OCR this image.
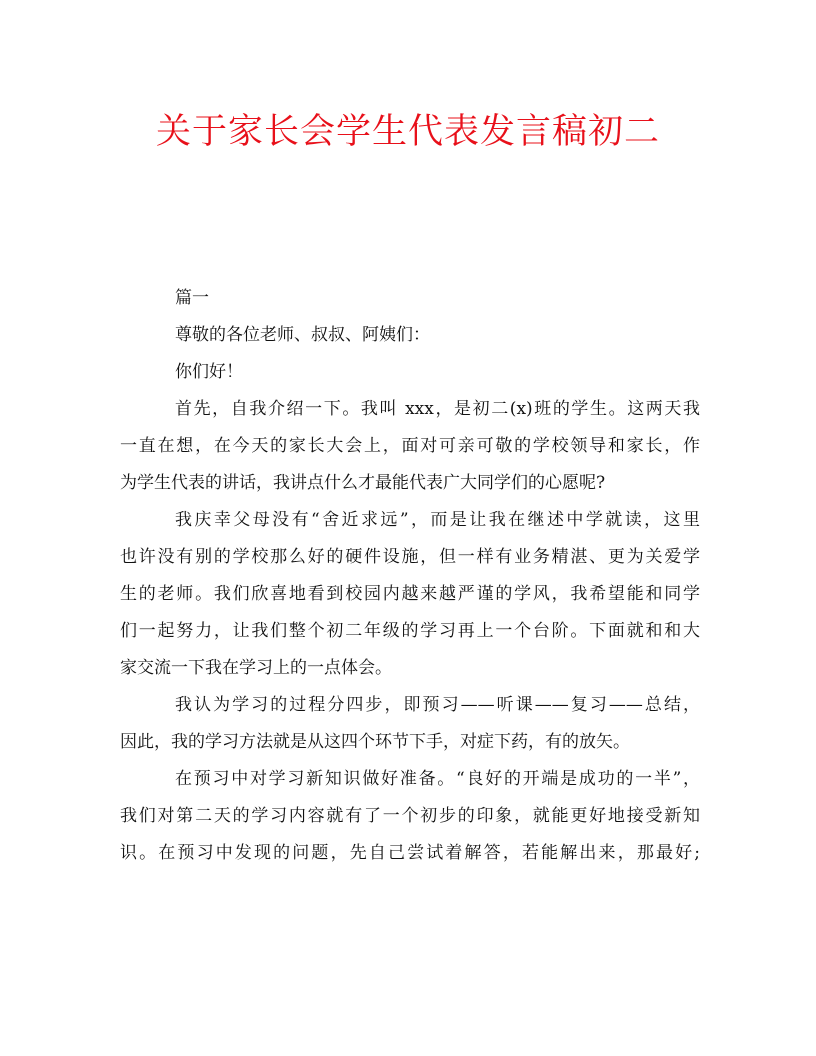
关于家长会学生代表发言稿初二
篇一
尊敬的各位老师、叔叔、阿姨们：
你们好！
首先，自我介绍一下。我叫 xxx，是初二(x)班的学生。这两天我
一直在想，在今天的家长大会上，面对可亲可敬的学校领导和家长，作
为学生代表的讲话，我讲点什么才最能代表广大同学们的心愿呢?
我庆幸父母没有“舍近求远”，而是让我在继述中学就读，这里
也许没有别的学校那么好的硬件设施，但一样有业务精湛、更为关爱学
生的老师。我们欣喜地看到校园内越来越严谨的学风，我希望能和同学
们一起努力，让我们整个初二年级的学习再上一个台阶。下面就和和大
家交流一下我在学习上的一点体会。
我认为学习的过程分四步，即预习——听课——复习——总结，
因此，我的学习方法就是从这四个环节下手，对症下药，有的放矢。
在预习中对学习新知识做好准备。“良好的开端是成功的一半”，
我们对第二天的学习内容就有了一个初步的印象，就能更好地接受新知
识。在预习中发现的问题，先自己尝试着解答，若能解出来，那最好;
